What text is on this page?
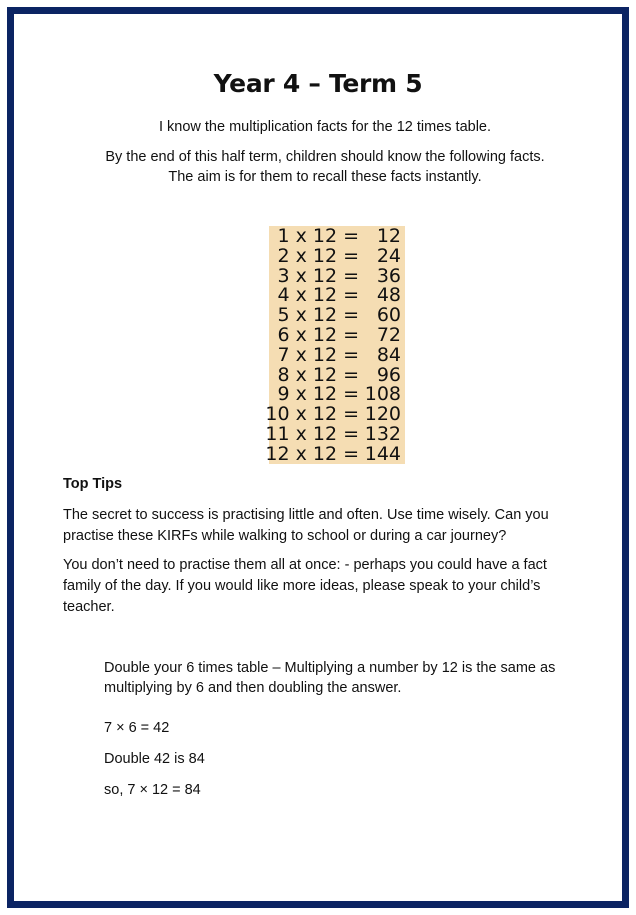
Year 4 – Term 5
I know the multiplication facts for the 12 times table.
By the end of this half term, children should know the following facts.
The aim is for them to recall these facts instantly.
1 x 12 = 12
2 x 12 = 24
3 x 12 = 36
4 x 12 = 48
5 x 12 = 60
6 x 12 = 72
7 x 12 = 84
8 x 12 = 96
9 x 12 = 108
10 x 12 = 120
11 x 12 = 132
12 x 12 = 144
Top Tips
The secret to success is practising little and often. Use time wisely. Can you practise these KIRFs while walking to school or during a car journey?
You don’t need to practise them all at once: - perhaps you could have a fact family of the day. If you would like more ideas, please speak to your child’s teacher.
Double your 6 times table – Multiplying a number by 12 is the same as multiplying by 6 and then doubling the answer.
7 × 6 = 42
Double 42 is 84
so, 7 × 12 = 84
